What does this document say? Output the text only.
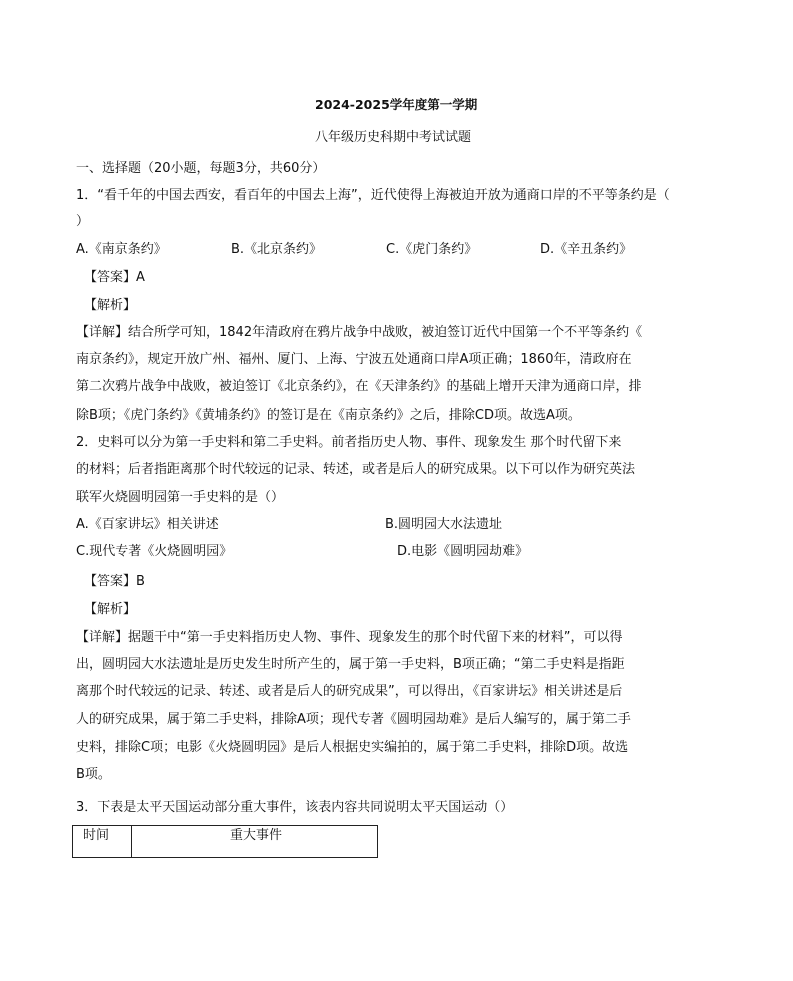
2024-2025学年度第一学期
八年级历史科期中考试试题
一、选择题（20小题，每题3分，共60分）
1．“看千年的中国去西安，看百年的中国去上海”，近代使得上海被迫开放为通商口岸的不平等条约是（
）
A.《南京条约》	B.《北京条约》	C.《虎门条约》	D.《辛丑条约》
【答案】A
【解析】
【详解】结合所学可知，1842年清政府在鸦片战争中战败，被迫签订近代中国第一个不平等条约《
南京条约》，规定开放广州、福州、厦门、上海、宁波五处通商口岸A项正确；1860年，清政府在
第二次鸦片战争中战败，被迫签订《北京条约》，在《天津条约》的基础上增开天津为通商口岸，排
除B项；《虎门条约》《黄埔条约》的签订是在《南京条约》之后，排除CD项。故选A项。
2．史料可以分为第一手史料和第二手史料。前者指历史人物、事件、现象发生 那个时代留下来
的材料；后者指距离那个时代较远的记录、转述，或者是后人的研究成果。以下可以作为研究英法
联军火烧圆明园第一手史料的是（）
A.《百家讲坛》相关讲述	B.圆明园大水法遗址
C.现代专著《火烧圆明园》	D.电影《圆明园劫难》
【答案】B
【解析】
【详解】据题干中“第一手史料指历史人物、事件、现象发生的那个时代留下来的材料”，可以得
出，圆明园大水法遗址是历史发生时所产生的，属于第一手史料，B项正确；“第二手史料是指距
离那个时代较远的记录、转述、或者是后人的研究成果”，可以得出，《百家讲坛》相关讲述是后
人的研究成果，属于第二手史料，排除A项；现代专著《圆明园劫难》是后人编写的，属于第二手
史料，排除C项；电影《火烧圆明园》是后人根据史实编拍的，属于第二手史料，排除D项。故选
B项。
3．下表是太平天国运动部分重大事件，该表内容共同说明太平天国运动（）
时间	重大事件
